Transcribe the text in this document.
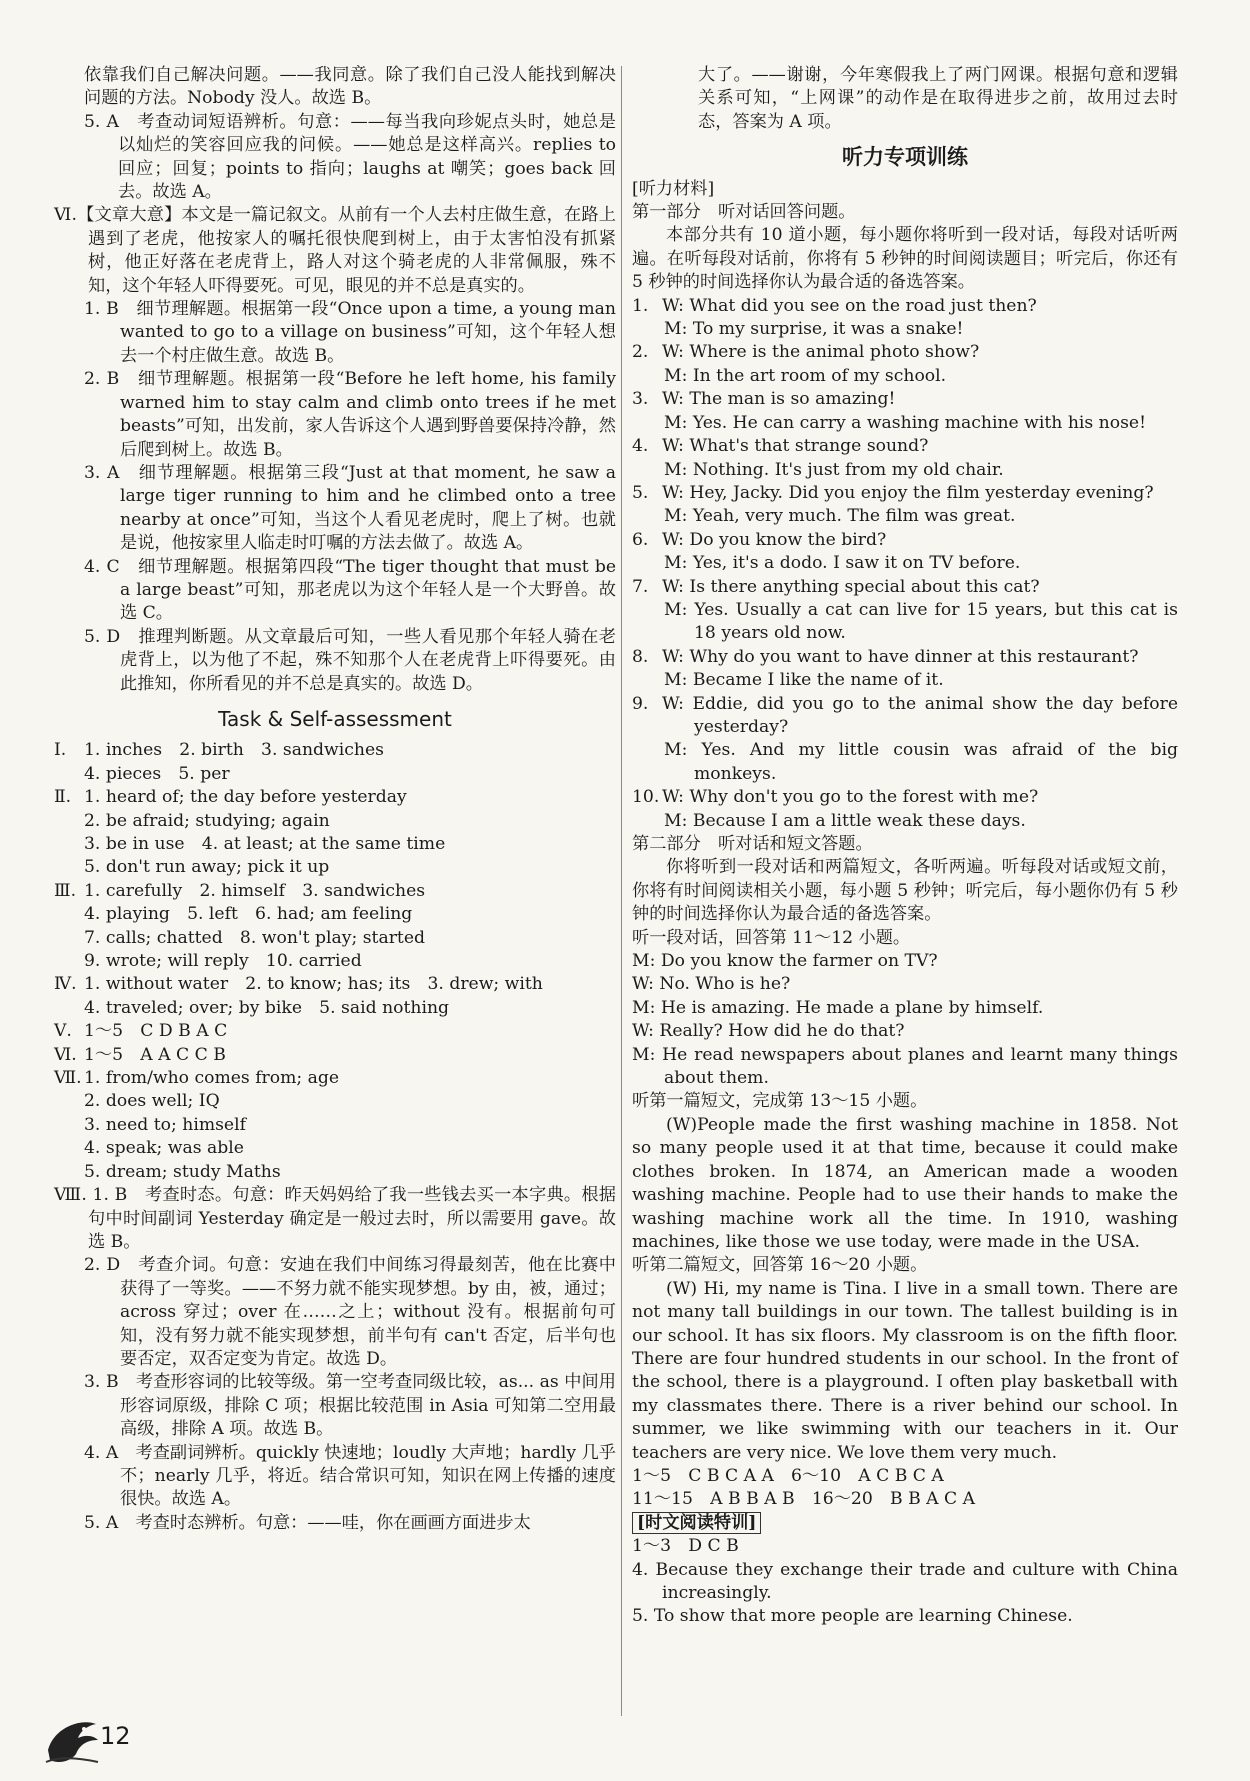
依靠我们自己解决问题。——我同意。除了我们自己没人能找到解决问题的方法。Nobody 没人。故选 B。

5. A　考查动词短语辨析。句意：——每当我向珍妮点头时，她总是以灿烂的笑容回应我的问候。——她总是这样高兴。replies to 回应；回复；points to 指向；laughs at 嘲笑；goes back 回去。故选 A。

Ⅵ.【文章大意】本文是一篇记叙文。从前有一个人去村庄做生意，在路上遇到了老虎，他按家人的嘱托很快爬到树上，由于太害怕没有抓紧树，他正好落在老虎背上，路人对这个骑老虎的人非常佩服，殊不知，这个年轻人吓得要死。可见，眼见的并不总是真实的。

1. B　细节理解题。根据第一段“Once upon a time, a young man wanted to go to a village on business”可知，这个年轻人想去一个村庄做生意。故选 B。

2. B　细节理解题。根据第一段“Before he left home, his family warned him to stay calm and climb onto trees if he met beasts”可知，出发前，家人告诉这个人遇到野兽要保持冷静，然后爬到树上。故选 B。

3. A　细节理解题。根据第三段“Just at that moment, he saw a large tiger running to him and he climbed onto a tree nearby at once”可知，当这个人看见老虎时，爬上了树。也就是说，他按家里人临走时叮嘱的方法去做了。故选 A。

4. C　细节理解题。根据第四段“The tiger thought that must be a large beast”可知，那老虎以为这个年轻人是一个大野兽。故选 C。

5. D　推理判断题。从文章最后可知，一些人看见那个年轻人骑在老虎背上，以为他了不起，殊不知那个人在老虎背上吓得要死。由此推知，你所看见的并不总是真实的。故选 D。

Task & Self-assessment

Ⅰ. 1. inches　2. birth　3. sandwiches

4. pieces　5. per

Ⅱ. 1. heard of; the day before yesterday

2. be afraid; studying; again

3. be in use　4. at least; at the same time

5. don't run away; pick it up

Ⅲ. 1. carefully　2. himself　3. sandwiches

4. playing　5. left　6. had; am feeling

7. calls; chatted　8. won't play; started

9. wrote; will reply　10. carried

Ⅳ. 1. without water　2. to know; has; its　3. drew; with

4. traveled; over; by bike　5. said nothing

Ⅴ. 1～5　C D B A C

Ⅵ. 1～5　A A C C B

Ⅶ. 1. from/who comes from; age

2. does well; IQ

3. need to; himself

4. speak; was able

5. dream; study Maths

Ⅷ. 1. B　考查时态。句意：昨天妈妈给了我一些钱去买一本字典。根据句中时间副词 Yesterday 确定是一般过去时，所以需要用 gave。故选 B。

2. D　考查介词。句意：安迪在我们中间练习得最刻苦，他在比赛中获得了一等奖。——不努力就不能实现梦想。by 由，被，通过；across 穿过；over 在……之上；without 没有。根据前句可知，没有努力就不能实现梦想，前半句有 can't 否定，后半句也要否定，双否定变为肯定。故选 D。

3. B　考查形容词的比较等级。第一空考查同级比较，as... as 中间用形容词原级，排除 C 项；根据比较范围 in Asia 可知第二空用最高级，排除 A 项。故选 B。

4. A　考查副词辨析。quickly 快速地；loudly 大声地；hardly 几乎不；nearly 几乎，将近。结合常识可知，知识在网上传播的速度很快。故选 A。

5. A　考查时态辨析。句意：——哇，你在画画方面进步太

大了。——谢谢，今年寒假我上了两门网课。根据句意和逻辑关系可知，“上网课”的动作是在取得进步之前，故用过去时态，答案为 A 项。

听力专项训练

[听力材料]

第一部分　听对话回答问题。

本部分共有 10 道小题，每小题你将听到一段对话，每段对话听两遍。在听每段对话前，你将有 5 秒钟的时间阅读题目；听完后，你还有 5 秒钟的时间选择你认为最合适的备选答案。

1. W: What did you see on the road just then?

M: To my surprise, it was a snake!

2. W: Where is the animal photo show?

M: In the art room of my school.

3. W: The man is so amazing!

M: Yes. He can carry a washing machine with his nose!

4. W: What's that strange sound?

M: Nothing. It's just from my old chair.

5. W: Hey, Jacky. Did you enjoy the film yesterday evening?

M: Yeah, very much. The film was great.

6. W: Do you know the bird?

M: Yes, it's a dodo. I saw it on TV before.

7. W: Is there anything special about this cat?

M: Yes. Usually a cat can live for 15 years, but this cat is 18 years old now.

8. W: Why do you want to have dinner at this restaurant?

M: Became I like the name of it.

9. W: Eddie, did you go to the animal show the day before yesterday?

M: Yes. And my little cousin was afraid of the big monkeys.

10. W: Why don't you go to the forest with me?

M: Because I am a little weak these days.

第二部分　听对话和短文答题。

你将听到一段对话和两篇短文，各听两遍。听每段对话或短文前，你将有时间阅读相关小题，每小题 5 秒钟；听完后，每小题你仍有 5 秒钟的时间选择你认为最合适的备选答案。

听一段对话，回答第 11～12 小题。

M: Do you know the farmer on TV?

W: No. Who is he?

M: He is amazing. He made a plane by himself.

W: Really? How did he do that?

M: He read newspapers about planes and learnt many things about them.

听第一篇短文，完成第 13～15 小题。

(W)People made the first washing machine in 1858. Not so many people used it at that time, because it could make clothes broken. In 1874, an American made a wooden washing machine. People had to use their hands to make the washing machine work all the time. In 1910, washing machines, like those we use today, were made in the USA.

听第二篇短文，回答第 16～20 小题。

(W) Hi, my name is Tina. I live in a small town. There are not many tall buildings in our town. The tallest building is in our school. It has six floors. My classroom is on the fifth floor. There are four hundred students in our school. In the front of the school, there is a playground. I often play basketball with my classmates there. There is a river behind our school. In summer, we like swimming with our teachers in it. Our teachers are very nice. We love them very much.

1～5　C B C A A　6～10　A C B C A

11～15　A B B A B　16～20　B B A C A

[时文阅读特训]

1～3　D C B

4. Because they exchange their trade and culture with China increasingly.

5. To show that more people are learning Chinese.

12
